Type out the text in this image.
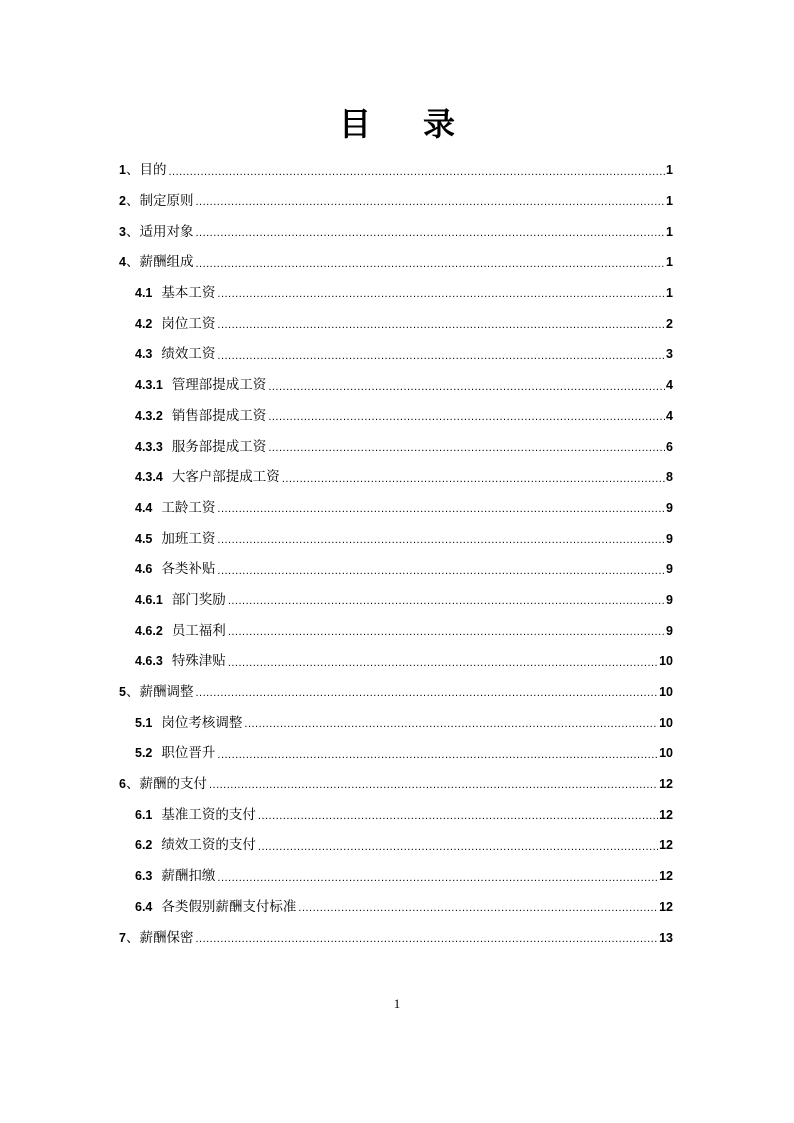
目 录
1 、目的 .....	1
2 、制定原则 .....	1
3 、适用对象 .....	1
4 、薪酬组成 .....	1
4.1 基本工资 .....	1
4.2 岗位工资 .....	2
4.3 绩效工资 .....	3
4.3.1 管理部提成工资 .....	4
4.3.2 销售部提成工资 .....	4
4.3.3 服务部提成工资 .....	6
4.3.4 大客户部提成工资 .....	8
4.4 工龄工资 .....	9
4.5 加班工资 .....	9
4.6 各类补贴 .....	9
4.6.1 部门奖励 .....	9
4.6.2 员工福利 .....	9
4.6.3 特殊津贴 .....	10
5 、薪酬调整 .....	10
5.1 岗位考核调整 .....	10
5.2 职位晋升 .....	10
6 、薪酬的支付 .....	12
6.1 基准工资的支付 .....	12
6.2 绩效工资的支付 .....	12
6.3 薪酬扣缴 .....	12
6.4 各类假别薪酬支付标准 .....	12
7 、薪酬保密 .....	13
1
